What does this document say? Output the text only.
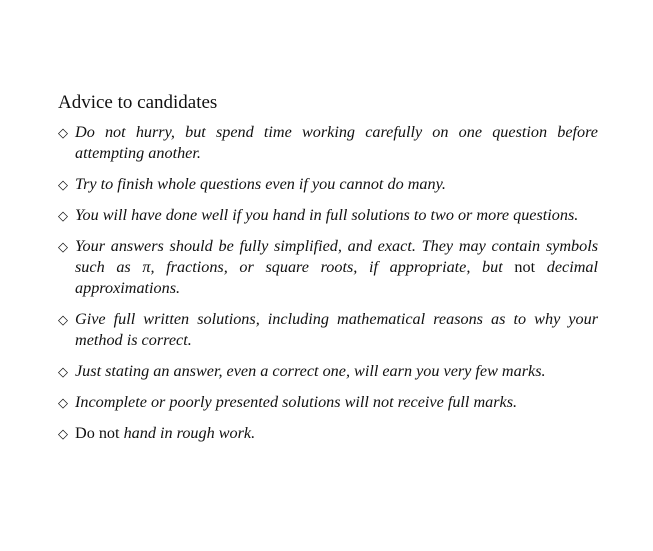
Advice to candidates
◇ Do not hurry, but spend time working carefully on one question before attempting another.
◇ Try to finish whole questions even if you cannot do many.
◇ You will have done well if you hand in full solutions to two or more questions.
◇ Your answers should be fully simplified, and exact. They may contain symbols such as π, fractions, or square roots, if appropriate, but not decimal approximations.
◇ Give full written solutions, including mathematical reasons as to why your method is correct.
◇ Just stating an answer, even a correct one, will earn you very few marks.
◇ Incomplete or poorly presented solutions will not receive full marks.
◇ Do not hand in rough work.
